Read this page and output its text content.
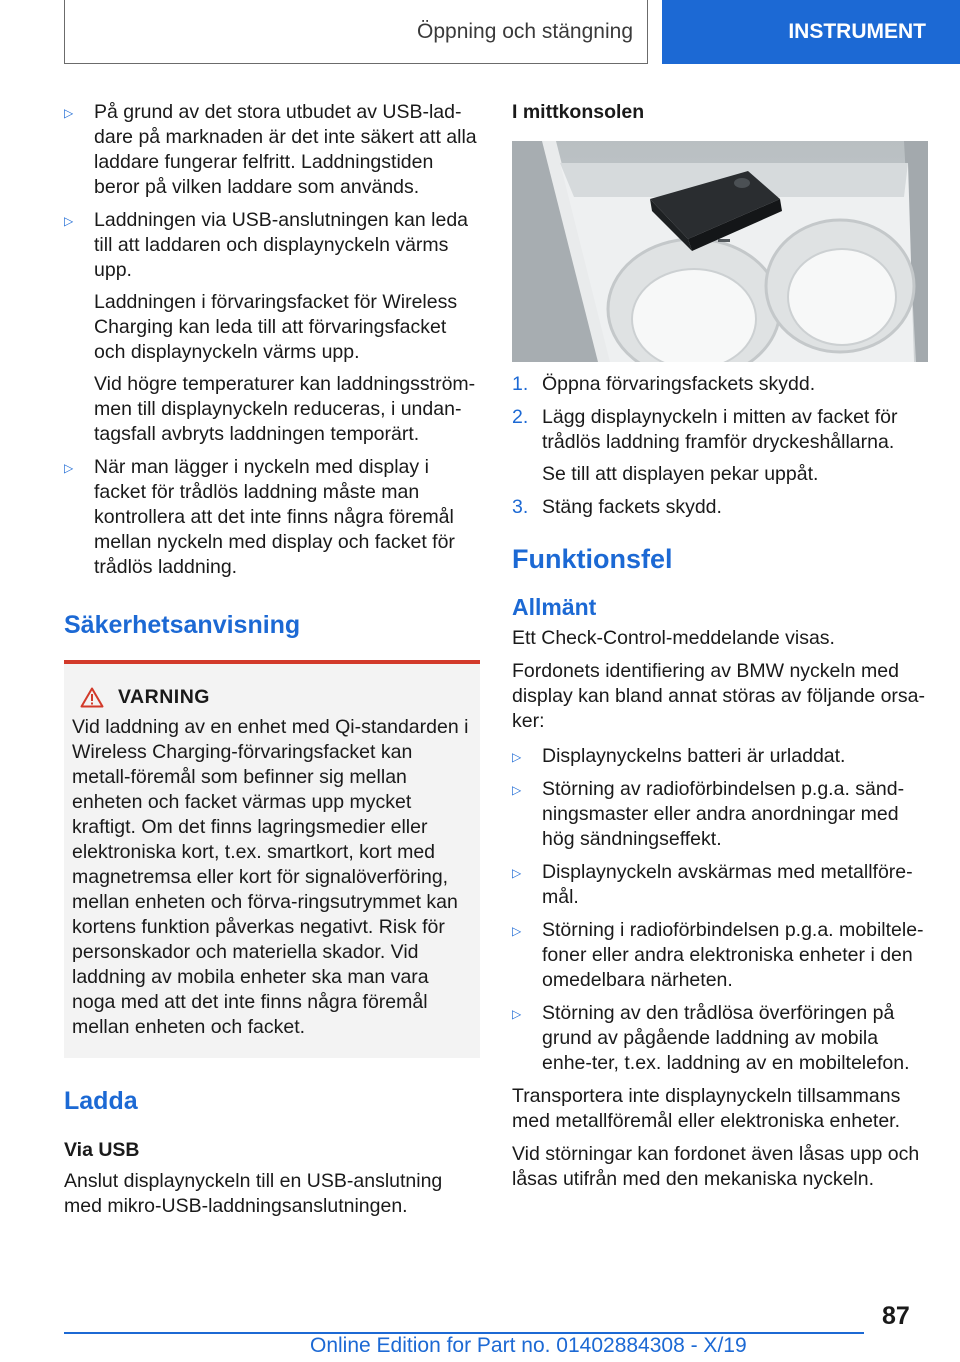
Öppning och stängning	INSTRUMENT
▷ På grund av det stora utbudet av USB-lad-dare på marknaden är det inte säkert att alla laddare fungerar felfritt. Laddningstiden beror på vilken laddare som används.

▷ Laddningen via USB-anslutningen kan leda till att laddaren och displaynyckeln värms upp.

Laddningen i förvaringsfacket för Wireless Charging kan leda till att förvaringsfacket och displaynyckeln värms upp.

Vid högre temperaturer kan laddningsström-men till displaynyckeln reduceras, i undan-tagsfall avbryts laddningen temporärt.

▷ När man lägger i nyckeln med display i facket för trådlös laddning måste man kontrollera att det inte finns några föremål mellan nyckeln med display och facket för trådlös laddning.

Säkerhetsanvisning
VARNING

Vid laddning av en enhet med Qi-standarden i Wireless Charging-förvaringsfacket kan metall-föremål som befinner sig mellan enheten och facket värmas upp mycket kraftigt. Om det finns lagringsmedier eller elektroniska kort, t.ex. smartkort, kort med magnetremsa eller kort för signalöverföring, mellan enheten och förva-ringsutrymmet kan kortens funktion påverkas negativt. Risk för personskador och materiella skador. Vid laddning av mobila enheter ska man vara noga med att det inte finns några föremål mellan enheten och facket.

Ladda
Via USB

Anslut displaynyckeln till en USB-anslutning med mikro-USB-laddningsanslutningen.

I mittkonsolen
1. Öppna förvaringsfackets skydd.

2. Lägg displaynyckeln i mitten av facket för trådlös laddning framför dryckeshållarna.

Se till att displayen pekar uppåt.

3. Stäng fackets skydd.

Funktionsfel
Allmänt

Ett Check-Control-meddelande visas.

Fordonets identifiering av BMW nyckeln med display kan bland annat störas av följande orsa-ker:

▷ Displaynyckelns batteri är urladdat.

▷ Störning av radioförbindelsen p.g.a. sänd-ningsmaster eller andra anordningar med hög sändningseffekt.

▷ Displaynyckeln avskärmas med metallföre-mål.

▷ Störning i radioförbindelsen p.g.a. mobiltele-foner eller andra elektroniska enheter i den omedelbara närheten.

▷ Störning av den trådlösa överföringen på grund av pågående laddning av mobila enhe-ter, t.ex. laddning av en mobiltelefon.

Transportera inte displaynyckeln tillsammans med metallföremål eller elektroniska enheter.

Vid störningar kan fordonet även låsas upp och låsas utifrån med den mekaniska nyckeln.

87
Online Edition for Part no. 01402884308 - X/19
